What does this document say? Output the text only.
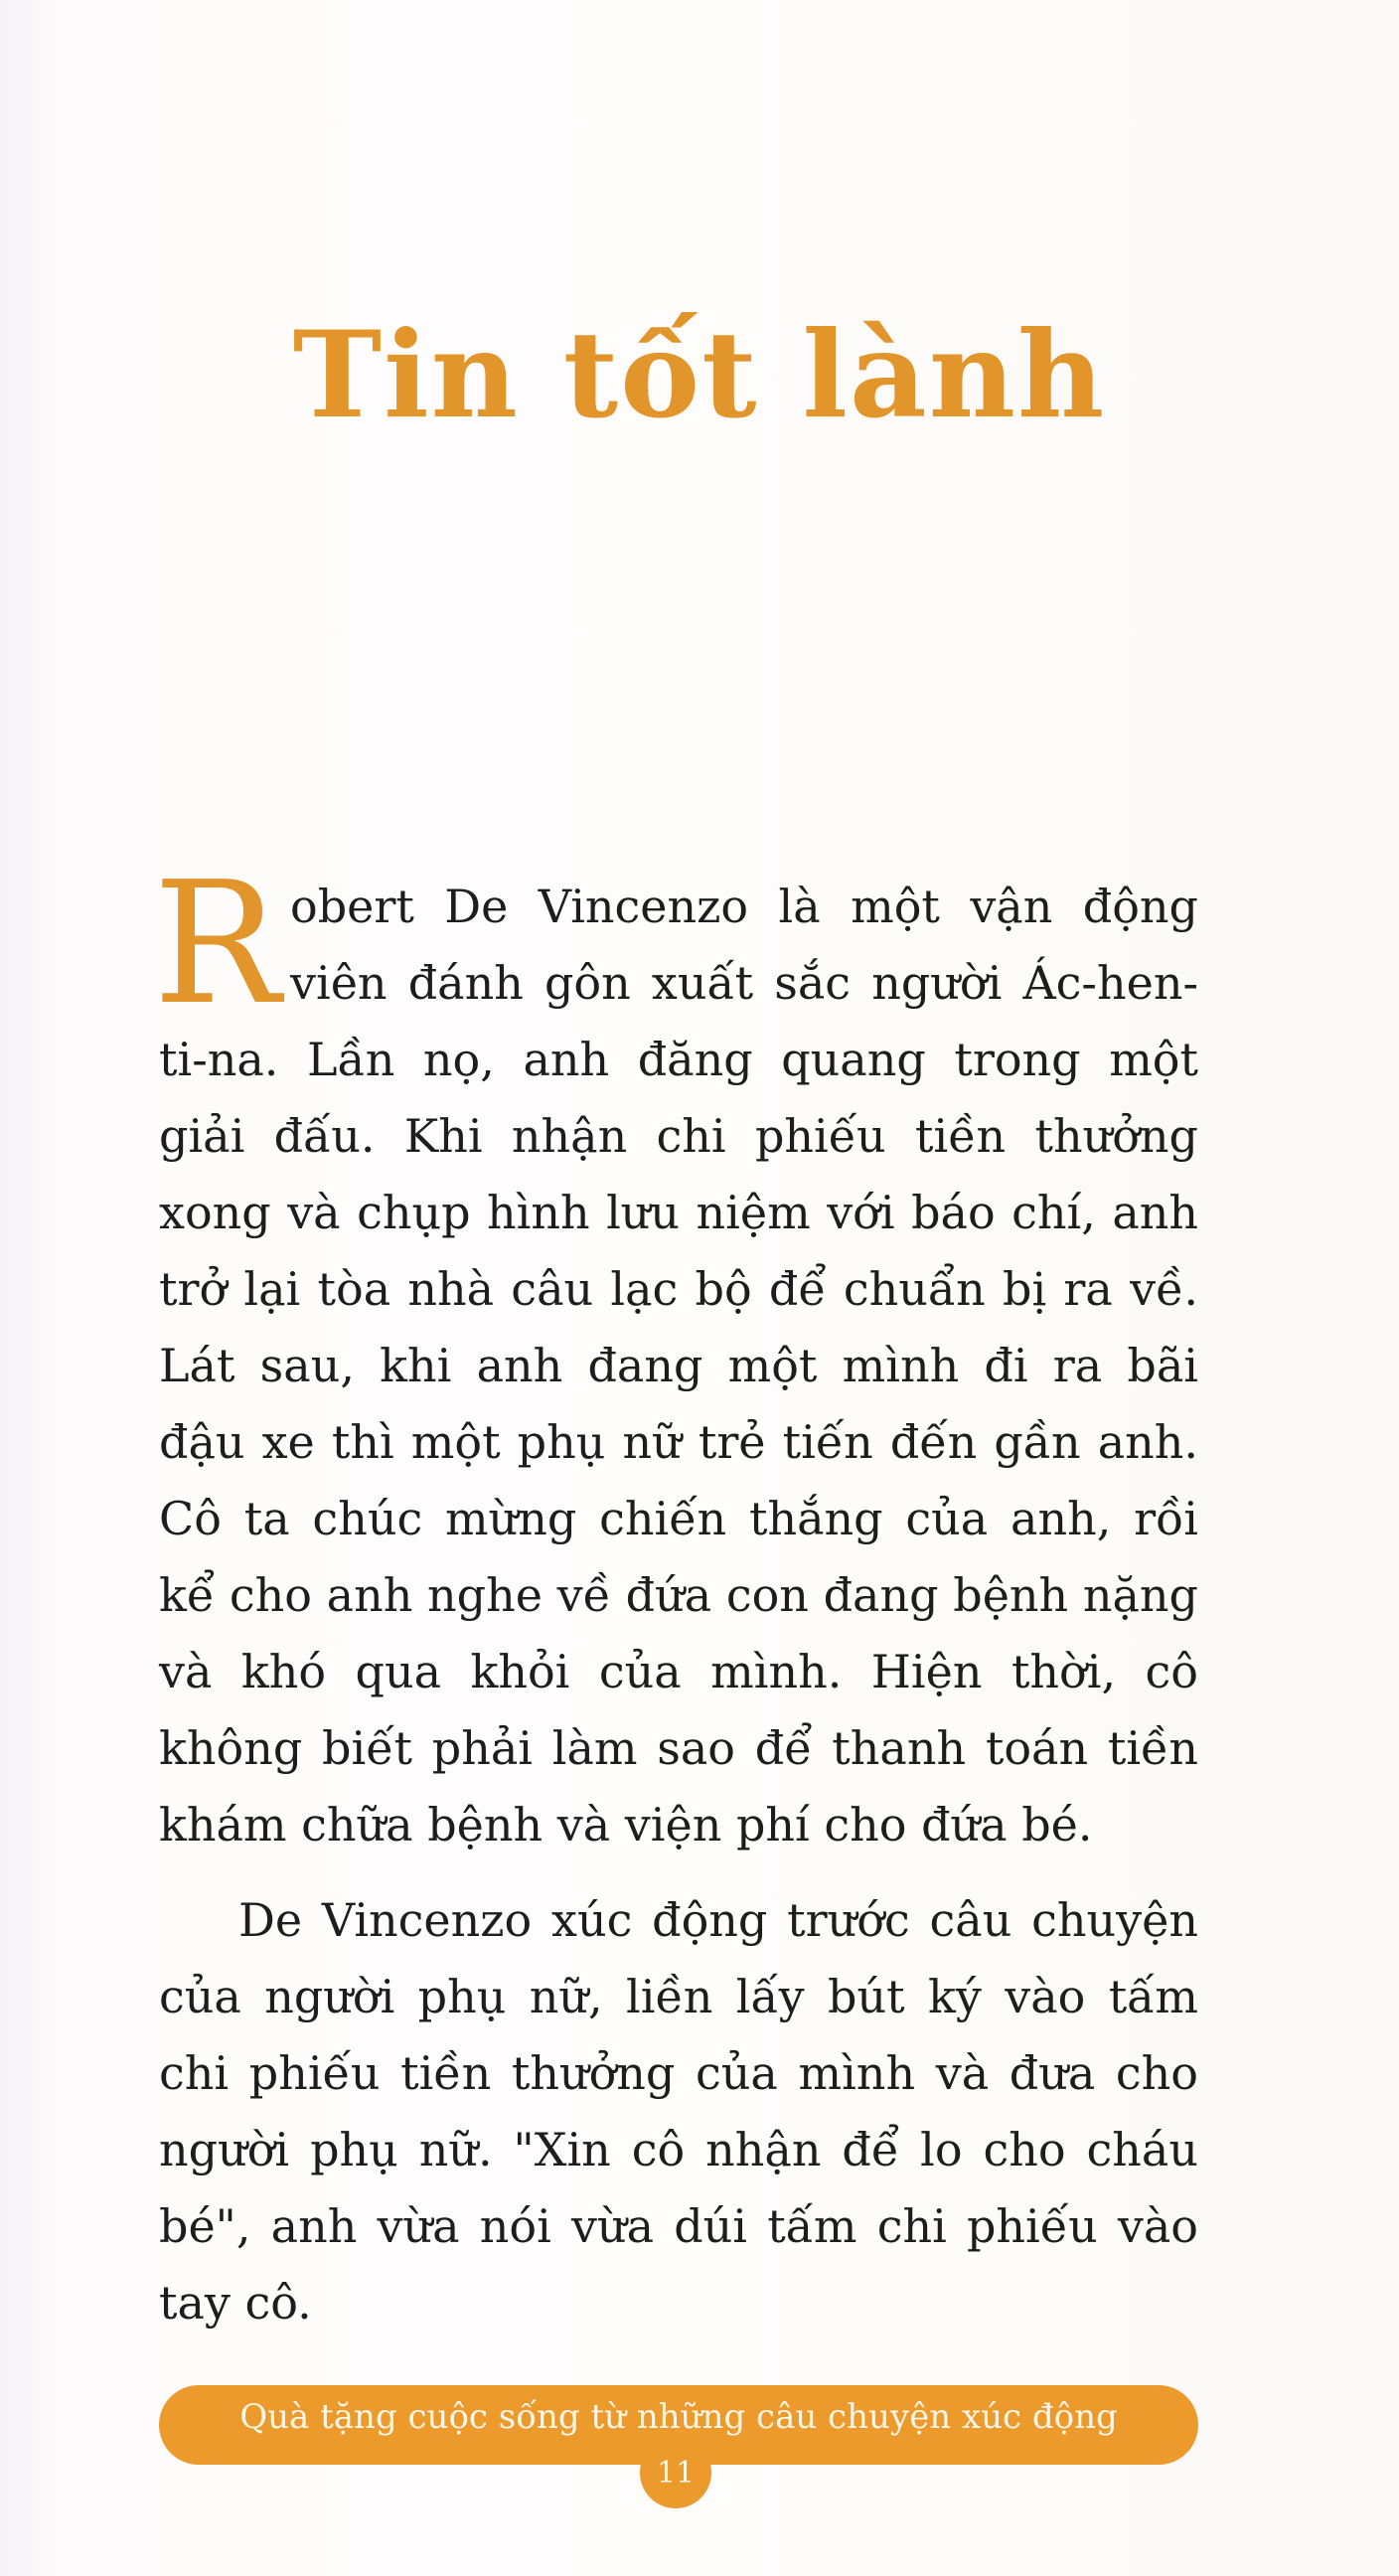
Tin tốt lành

Robert De Vincenzo là một vận động viên đánh gôn xuất sắc người Ác-hen-ti-na. Lần nọ, anh đăng quang trong một giải đấu. Khi nhận chi phiếu tiền thưởng xong và chụp hình lưu niệm với báo chí, anh trở lại tòa nhà câu lạc bộ để chuẩn bị ra về. Lát sau, khi anh đang một mình đi ra bãi đậu xe thì một phụ nữ trẻ tiến đến gần anh. Cô ta chúc mừng chiến thắng của anh, rồi kể cho anh nghe về đứa con đang bệnh nặng và khó qua khỏi của mình. Hiện thời, cô không biết phải làm sao để thanh toán tiền khám chữa bệnh và viện phí cho đứa bé.

De Vincenzo xúc động trước câu chuyện của người phụ nữ, liền lấy bút ký vào tấm chi phiếu tiền thưởng của mình và đưa cho người phụ nữ. "Xin cô nhận để lo cho cháu bé", anh vừa nói vừa dúi tấm chi phiếu vào tay cô.

Quà tặng cuộc sống từ những câu chuyện xúc động
11
